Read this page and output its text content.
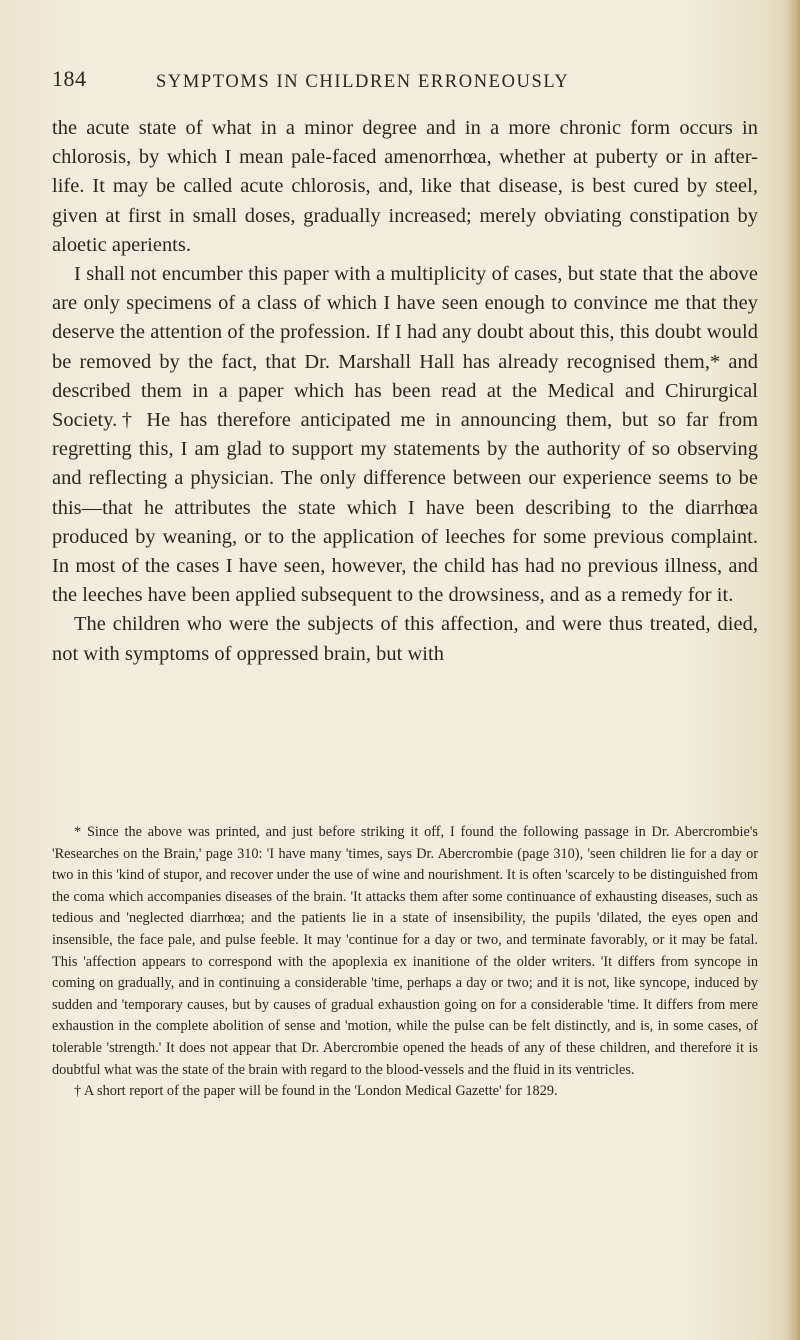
184	SYMPTOMS IN CHILDREN ERRONEOUSLY

the acute state of what in a minor degree and in a more chronic form occurs in chlorosis, by which I mean pale-faced amenorrhœa, whether at puberty or in after-life. It may be called acute chlorosis, and, like that disease, is best cured by steel, given at first in small doses, gradually increased; merely obviating constipation by aloetic aperients.

I shall not encumber this paper with a multiplicity of cases, but state that the above are only specimens of a class of which I have seen enough to convince me that they deserve the attention of the profession. If I had any doubt about this, this doubt would be removed by the fact, that Dr. Marshall Hall has already recognised them,* and described them in a paper which has been read at the Medical and Chirurgical Society.† He has therefore anticipated me in announcing them, but so far from regretting this, I am glad to support my statements by the authority of so observing and reflecting a physician. The only difference between our experience seems to be this—that he attributes the state which I have been describing to the diarrhœa produced by weaning, or to the application of leeches for some previous complaint. In most of the cases I have seen, however, the child has had no previous illness, and the leeches have been applied subsequent to the drowsiness, and as a remedy for it.

The children who were the subjects of this affection, and were thus treated, died, not with symptoms of oppressed brain, but with

* Since the above was printed, and just before striking it off, I found the following passage in Dr. Abercrombie's 'Researches on the Brain,' page 310: 'I have many 'times, says Dr. Abercrombie (page 310), 'seen children lie for a day or two in this 'kind of stupor, and recover under the use of wine and nourishment. It is often 'scarcely to be distinguished from the coma which accompanies diseases of the brain. 'It attacks them after some continuance of exhausting diseases, such as tedious and 'neglected diarrhœa; and the patients lie in a state of insensibility, the pupils 'dilated, the eyes open and insensible, the face pale, and pulse feeble. It may 'continue for a day or two, and terminate favorably, or it may be fatal. This 'affection appears to correspond with the apoplexia ex inanitione of the older writers. 'It differs from syncope in coming on gradually, and in continuing a considerable 'time, perhaps a day or two; and it is not, like syncope, induced by sudden and 'temporary causes, but by causes of gradual exhaustion going on for a considerable 'time. It differs from mere exhaustion in the complete abolition of sense and 'motion, while the pulse can be felt distinctly, and is, in some cases, of tolerable 'strength.' It does not appear that Dr. Abercrombie opened the heads of any of these children, and therefore it is doubtful what was the state of the brain with regard to the blood-vessels and the fluid in its ventricles.

† A short report of the paper will be found in the 'London Medical Gazette' for 1829.
